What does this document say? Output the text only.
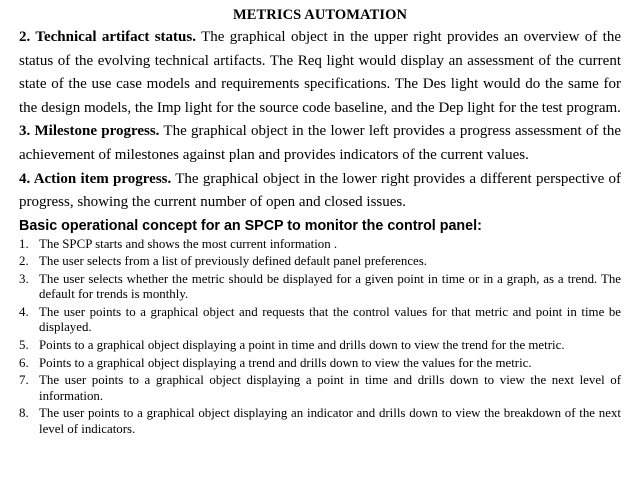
METRICS AUTOMATION

2. Technical artifact status. The graphical object in the upper right provides an overview of the status of the evolving technical artifacts. The Req light would display an assessment of the current state of the use case models and requirements specifications. The Des light would do the same for the design models, the Imp light for the source code baseline, and the Dep light for the test program.

3. Milestone progress. The graphical object in the lower left provides a progress assessment of the achievement of milestones against plan and provides indicators of the current values.

4. Action item progress. The graphical object in the lower right provides a different perspective of progress, showing the current number of open and closed issues.

Basic operational concept for an SPCP to monitor the control panel:
1. The SPCP starts and shows the most current information .
2. The user selects from a list of previously defined default panel preferences.
3. The user selects whether the metric should be displayed for a given point in time or in a graph, as a trend. The default for trends is monthly.
4. The user points to a graphical object and requests that the control values for that metric and point in time be displayed.
5. Points to a graphical object displaying a point in time and drills down to view the trend for the metric.
6. Points to a graphical object displaying a trend and drills down to view the values for the metric.
7. The user points to a graphical object displaying a point in time and drills down to view the next level of information.
8. The user points to a graphical object displaying an indicator and drills down to view the breakdown of the next level of indicators.
